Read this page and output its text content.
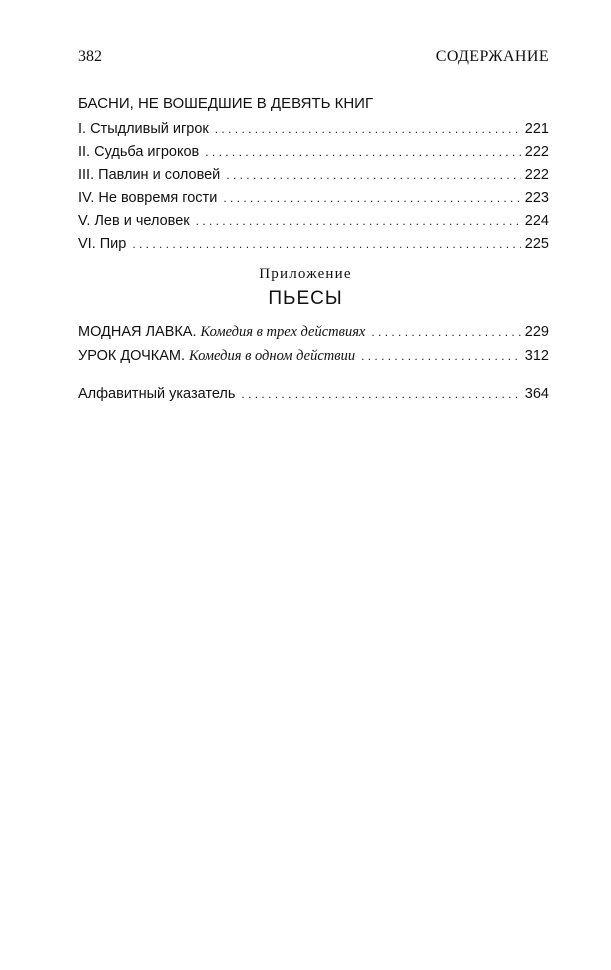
382	СОДЕРЖАНИЕ
БАСНИ, НЕ ВОШЕДШИЕ В ДЕВЯТЬ КНИГ
I. Стыдливый игрок . . .	221
II. Судьба игроков . . .	222
III. Павлин и соловей . . .	222
IV. Не вовремя гости . . .	223
V. Лев и человек . . .	224
VI. Пир . . .	225
Приложение
ПЬЕСЫ
МОДНАЯ ЛАВКА. Комедия в трех действиях . . .	229
УРОК ДОЧКАМ. Комедия в одном действии . . .	312
Алфавитный указатель . . .	364
